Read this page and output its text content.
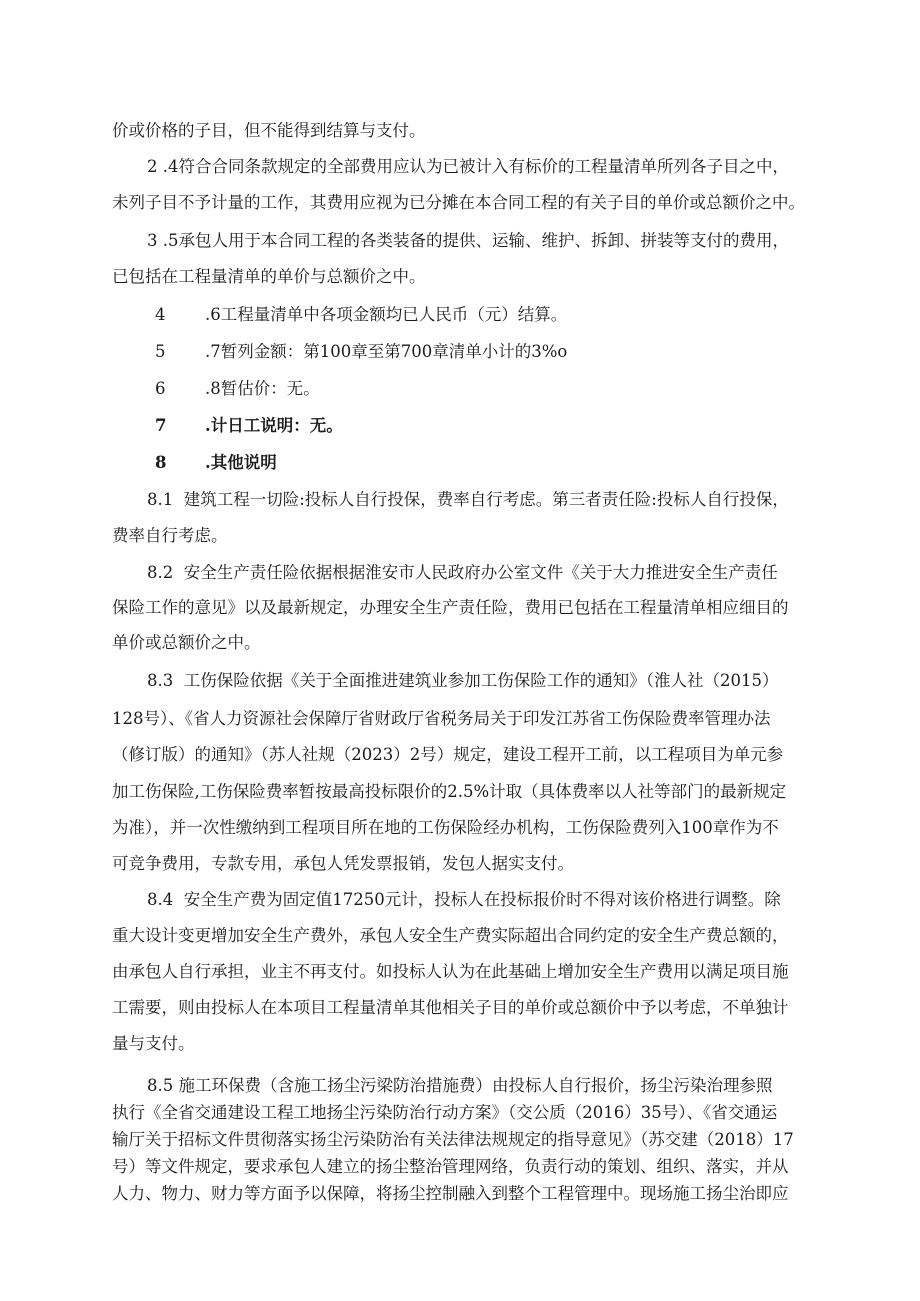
价或价格的子目，但不能得到结算与支付。
2 .4符合合同条款规定的全部费用应认为已被计入有标价的工程量清单所列各子目之中，
未列子目不予计量的工作，其费用应视为已分摊在本合同工程的有关子目的单价或总额价之中。
3 .5承包人用于本合同工程的各类装备的提供、运输、维护、拆卸、拼装等支付的费用，
已包括在工程量清单的单价与总额价之中。
4 .6工程量清单中各项金额均已人民币（元）结算。
5 .7暂列金额：第100章至第700章清单小计的3%o
6 .8暂估价：无。
7 .计日工说明：无。
8 .其他说明
8.1  建筑工程一切险:投标人自行投保，费率自行考虑。第三者责任险:投标人自行投保，
费率自行考虑。
8.2  安全生产责任险依据根据淮安市人民政府办公室文件《关于大力推进安全生产责任
保险工作的意见》以及最新规定，办理安全生产责任险，费用已包括在工程量清单相应细目的
单价或总额价之中。
8.3  工伤保险依据《关于全面推进建筑业参加工伤保险工作的通知》（淮人社（2015）
128号）、《省人力资源社会保障厅省财政厅省税务局关于印发江苏省工伤保险费率管理办法
（修订版）的通知》（苏人社规（2023）2号）规定，建设工程开工前，以工程项目为单元参
加工伤保险,工伤保险费率暂按最高投标限价的2.5%计取（具体费率以人社等部门的最新规定
为准），并一次性缴纳到工程项目所在地的工伤保险经办机构，工伤保险费列入100章作为不
可竞争费用，专款专用，承包人凭发票报销，发包人据实支付。
8.4  安全生产费为固定值17250元计，投标人在投标报价时不得对该价格进行调整。除
重大设计变更增加安全生产费外，承包人安全生产费实际超出合同约定的安全生产费总额的，
由承包人自行承担，业主不再支付。如投标人认为在此基础上增加安全生产费用以满足项目施
工需要，则由投标人在本项目工程量清单其他相关子目的单价或总额价中予以考虑，不单独计
量与支付。
8.5 施工环保费（含施工扬尘污梁防治措施费）由投标人自行报价，扬尘污染治理参照
执行《全省交通建设工程工地扬尘污染防治行动方案》（交公质（2016）35号）、《省交通运
输厅关于招标文件贯彻落实扬尘污染防治有关法律法规规定的指导意见》（苏交建（2018）17
号）等文件规定，要求承包人建立的扬尘整治管理网络，负责行动的策划、组织、落实，并从
人力、物力、财力等方面予以保障，将扬尘控制融入到整个工程管理中。现场施工扬尘治即应
